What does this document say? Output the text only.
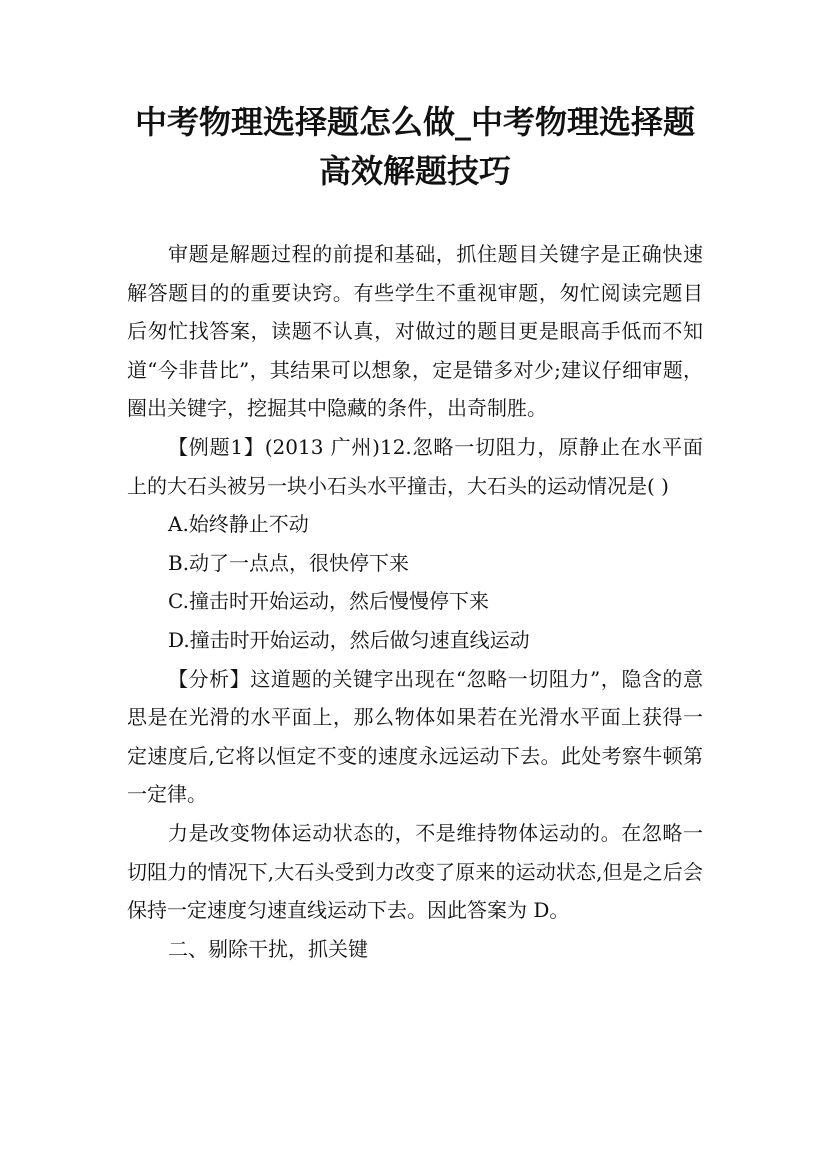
中考物理选择题怎么做_中考物理选择题高效解题技巧

审题是解题过程的前提和基础，抓住题目关键字是正确快速解答题目的的重要诀窍。有些学生不重视审题，匆忙阅读完题目后匆忙找答案，读题不认真，对做过的题目更是眼高手低而不知道“今非昔比”，其结果可以想象，定是错多对少;建议仔细审题，圈出关键字，挖掘其中隐藏的条件，出奇制胜。

【例题1】(2013 广州)12.忽略一切阻力，原静止在水平面上的大石头被另一块小石头水平撞击，大石头的运动情况是( )

A.始终静止不动

B.动了一点点，很快停下来

C.撞击时开始运动，然后慢慢停下来

D.撞击时开始运动，然后做匀速直线运动

【分析】这道题的关键字出现在“忽略一切阻力”，隐含的意思是在光滑的水平面上，那么物体如果若在光滑水平面上获得一定速度后,它将以恒定不变的速度永远运动下去。此处考察牛顿第一定律。

力是改变物体运动状态的，不是维持物体运动的。在忽略一切阻力的情况下,大石头受到力改变了原来的运动状态,但是之后会保持一定速度匀速直线运动下去。因此答案为 D。

二、剔除干扰，抓关键
